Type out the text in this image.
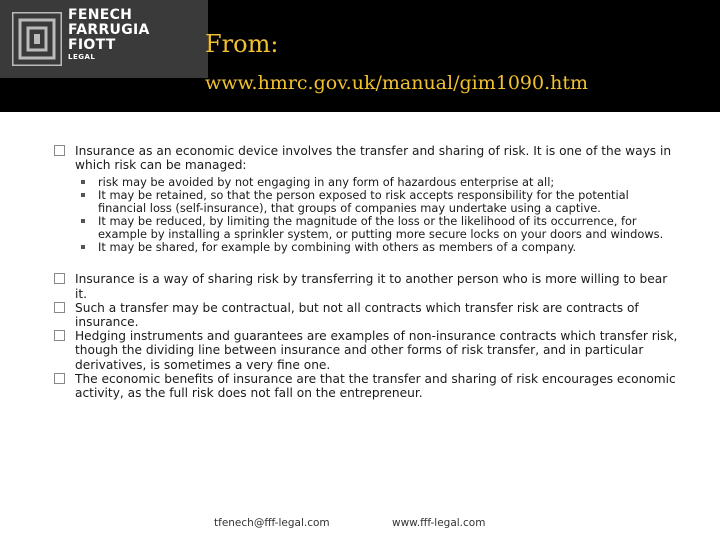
FENECH
FARRUGIA
FIOTT
LEGAL	From:
www.hmrc.gov.uk/manual/gim1090.htm

Insurance as an economic device involves the transfer and sharing of risk. It is one of the ways in which risk can be managed:

risk may be avoided by not engaging in any form of hazardous enterprise at all;
It may be retained, so that the person exposed to risk accepts responsibility for the potential financial loss (self-insurance), that groups of companies may undertake using a captive.
It may be reduced, by limiting the magnitude of the loss or the likelihood of its occurrence, for example by installing a sprinkler system, or putting more secure locks on your doors and windows.
It may be shared, for example by combining with others as members of a company.

Insurance is a way of sharing risk by transferring it to another person who is more willing to bear it.

Such a transfer may be contractual, but not all contracts which transfer risk are contracts of insurance.

Hedging instruments and guarantees are examples of non-insurance contracts which transfer risk, though the dividing line between insurance and other forms of risk transfer, and in particular derivatives, is sometimes a very fine one.

The economic benefits of insurance are that the transfer and sharing of risk encourages economic activity, as the full risk does not fall on the entrepreneur.

tfenech@fff-legal.com	www.fff-legal.com
